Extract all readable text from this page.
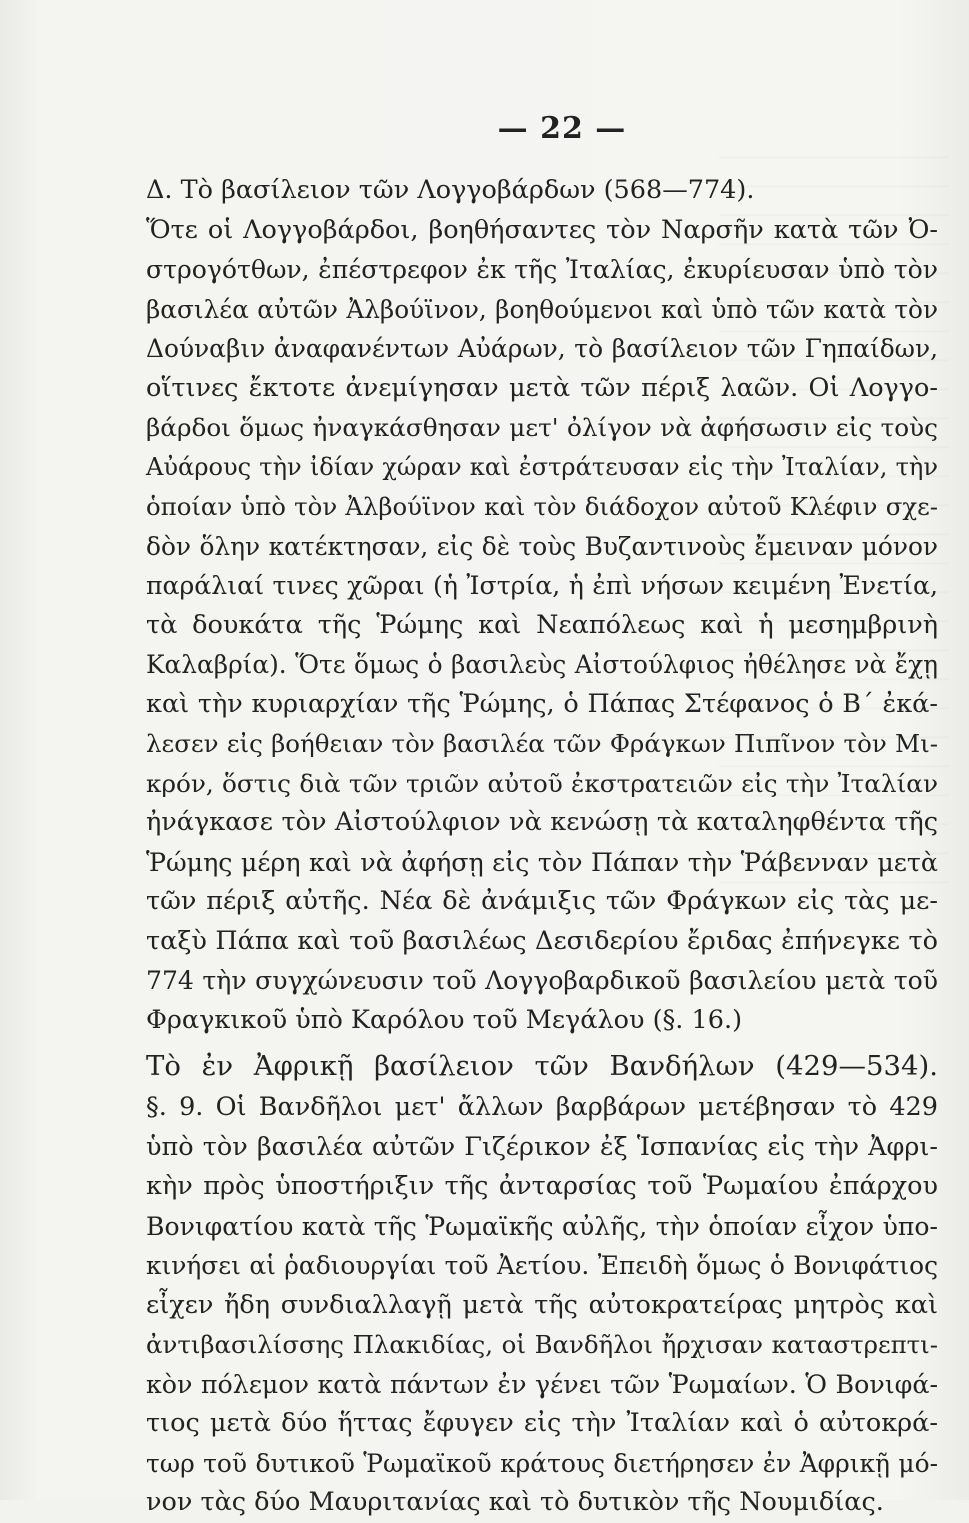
— 22 —
Δ. Τὸ βασίλειον τῶν Λογγοβάρδων (568—774).
Ὅτε οἱ Λογγοβάρδοι, βοηθήσαντες τὸν Ναρσῆν κατὰ τῶν Ὀ-
στρογότθων, ἐπέστρεφον ἐκ τῆς Ἰταλίας, ἐκυρίευσαν ὑπὸ τὸν
βασιλέα αὐτῶν Ἀλβούϊνον, βοηθούμενοι καὶ ὑπὸ τῶν κατὰ τὸν
Δούναβιν ἀναφανέντων Αὐάρων, τὸ βασίλειον τῶν Γηπαίδων,
οἵτινες ἔκτοτε ἀνεμίγησαν μετὰ τῶν πέριξ λαῶν. Οἱ Λογγο-
βάρδοι ὅμως ἠναγκάσθησαν μετ' ὀλίγον νὰ ἀφήσωσιν εἰς τοὺς
Αὐάρους τὴν ἰδίαν χώραν καὶ ἐστράτευσαν εἰς τὴν Ἰταλίαν, τὴν
ὁποίαν ὑπὸ τὸν Ἀλβούϊνον καὶ τὸν διάδοχον αὐτοῦ Κλέφιν σχε-
δὸν ὅλην κατέκτησαν, εἰς δὲ τοὺς Βυζαντινοὺς ἔμειναν μόνον
παράλιαί τινες χῶραι (ἡ Ἰστρία, ἡ ἐπὶ νήσων κειμένη Ἐνετία,
τὰ δουκάτα τῆς Ῥώμης καὶ Νεαπόλεως καὶ ἡ μεσημβρινὴ
Καλαβρία). Ὅτε ὅμως ὁ βασιλεὺς Αἰστούλφιος ἠθέλησε νὰ ἔχῃ
καὶ τὴν κυριαρχίαν τῆς Ῥώμης, ὁ Πάπας Στέφανος ὁ Β΄ ἐκά-
λεσεν εἰς βοήθειαν τὸν βασιλέα τῶν Φράγκων Πιπῖνον τὸν Μι-
κρόν, ὅστις διὰ τῶν τριῶν αὐτοῦ ἐκστρατειῶν εἰς τὴν Ἰταλίαν
ἠνάγκασε τὸν Αἰστούλφιον νὰ κενώσῃ τὰ καταληφθέντα τῆς
Ῥώμης μέρη καὶ νὰ ἀφήσῃ εἰς τὸν Πάπαν τὴν Ῥάβενναν μετὰ
τῶν πέριξ αὐτῆς. Νέα δὲ ἀνάμιξις τῶν Φράγκων εἰς τὰς με-
ταξὺ Πάπα καὶ τοῦ βασιλέως Δεσιδερίου ἔριδας ἐπήνεγκε τὸ
774 τὴν συγχώνευσιν τοῦ Λογγοβαρδικοῦ βασιλείου μετὰ τοῦ
Φραγκικοῦ ὑπὸ Καρόλου τοῦ Μεγάλου (§. 16.)
Τὸ ἐν Ἀφρικῇ βασίλειον τῶν Βανδήλων (429—534).
§. 9. Οἱ Βανδῆλοι μετ' ἄλλων βαρβάρων μετέβησαν τὸ 429
ὑπὸ τὸν βασιλέα αὐτῶν Γιζέρικον ἐξ Ἱσπανίας εἰς τὴν Ἀφρι-
κὴν πρὸς ὑποστήριξιν τῆς ἀνταρσίας τοῦ Ῥωμαίου ἐπάρχου
Βονιφατίου κατὰ τῆς Ῥωμαϊκῆς αὐλῆς, τὴν ὁποίαν εἶχον ὑπο-
κινήσει αἱ ῥαδιουργίαι τοῦ Ἀετίου. Ἐπειδὴ ὅμως ὁ Βονιφάτιος
εἶχεν ἤδη συνδιαλλαγῇ μετὰ τῆς αὐτοκρατείρας μητρὸς καὶ
ἀντιβασιλίσσης Πλακιδίας, οἱ Βανδῆλοι ἤρχισαν καταστρεπτι-
κὸν πόλεμον κατὰ πάντων ἐν γένει τῶν Ῥωμαίων. Ὁ Βονιφά-
τιος μετὰ δύο ἥττας ἔφυγεν εἰς τὴν Ἰταλίαν καὶ ὁ αὐτοκρά-
τωρ τοῦ δυτικοῦ Ῥωμαϊκοῦ κράτους διετήρησεν ἐν Ἀφρικῇ μό-
νον τὰς δύο Μαυριτανίας καὶ τὸ δυτικὸν τῆς Νουμιδίας.
